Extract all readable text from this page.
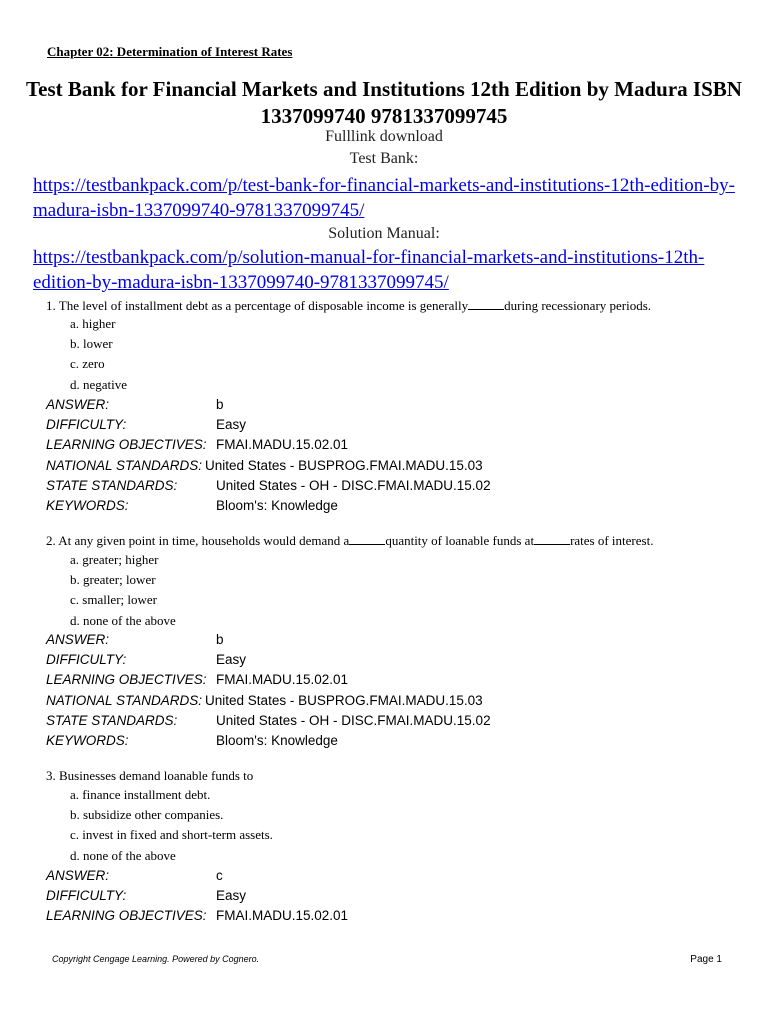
Chapter 02: Determination of Interest Rates
Test Bank for Financial Markets and Institutions 12th Edition by Madura ISBN 1337099740 9781337099745
Fulllink download
Test Bank:
https://testbankpack.com/p/test-bank-for-financial-markets-and-institutions-12th-edition-by-madura-isbn-1337099740-9781337099745/
Solution Manual:
https://testbankpack.com/p/solution-manual-for-financial-markets-and-institutions-12th-edition-by-madura-isbn-1337099740-9781337099745/
1. The level of installment debt as a percentage of disposable income is generally	during recessionary periods.
a. higher
b. lower
c. zero
d. negative
ANSWER:	b
DIFFICULTY:	Easy
LEARNING OBJECTIVES: FMAI.MADU.15.02.01
NATIONAL STANDARDS: United States - BUSPROG.FMAI.MADU.15.03
STATE STANDARDS:	United States - OH - DISC.FMAI.MADU.15.02
KEYWORDS:	Bloom's: Knowledge
2. At any given point in time, households would demand a	quantity of loanable funds at	rates of interest.
a. greater; higher
b. greater; lower
c. smaller; lower
d. none of the above
ANSWER:	b
DIFFICULTY:	Easy
LEARNING OBJECTIVES: FMAI.MADU.15.02.01
NATIONAL STANDARDS: United States - BUSPROG.FMAI.MADU.15.03
STATE STANDARDS:	United States - OH - DISC.FMAI.MADU.15.02
KEYWORDS:	Bloom's: Knowledge
3. Businesses demand loanable funds to
a. finance installment debt.
b. subsidize other companies.
c. invest in fixed and short-term assets.
d. none of the above
ANSWER:	c
DIFFICULTY:	Easy
LEARNING OBJECTIVES: FMAI.MADU.15.02.01
Copyright Cengage Learning. Powered by Cognero.	Page 1
